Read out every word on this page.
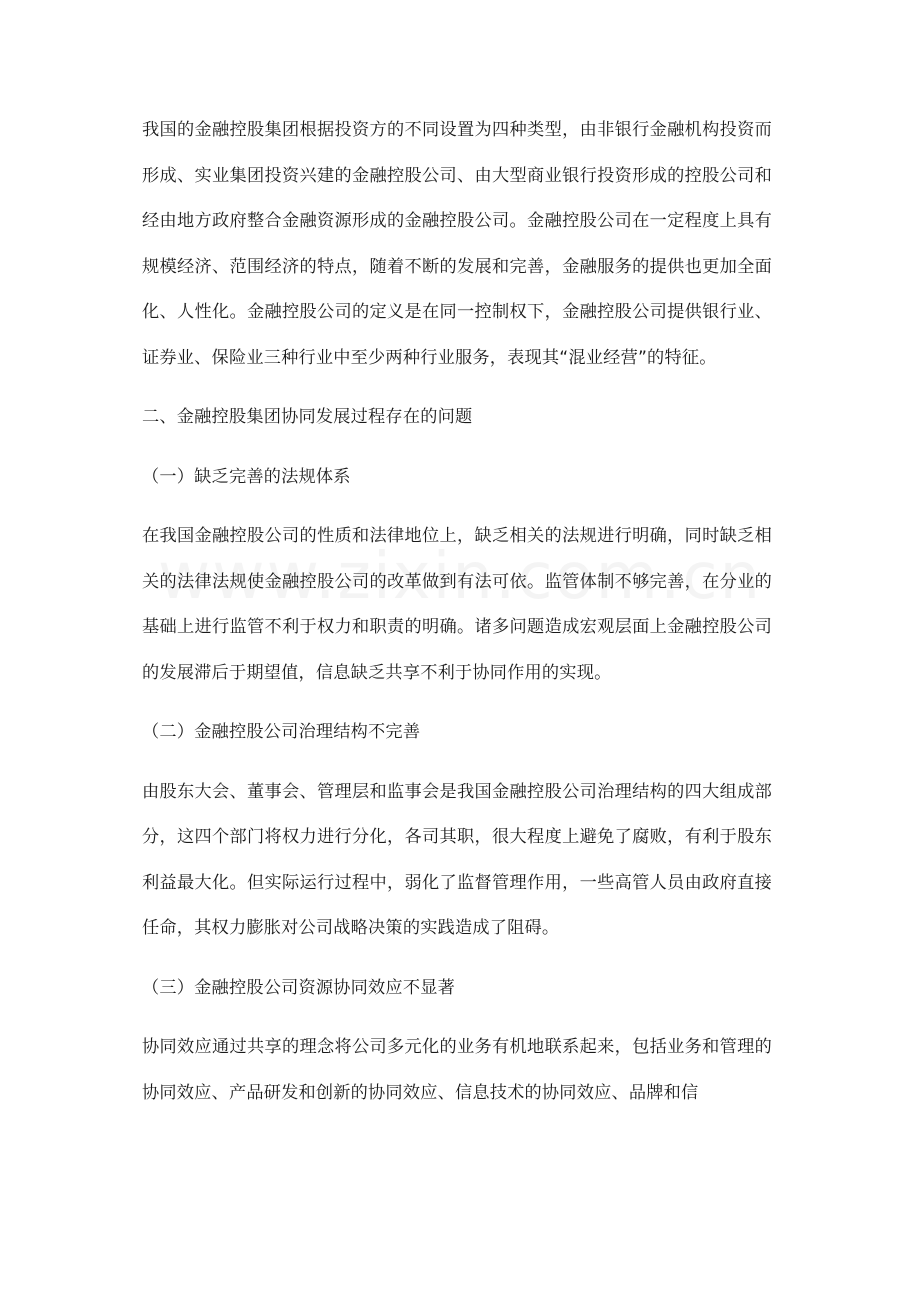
我国的金融控股集团根据投资方的不同设置为四种类型，由非银行金融机构投资而形成、实业集团投资兴建的金融控股公司、由大型商业银行投资形成的控股公司和经由地方政府整合金融资源形成的金融控股公司。金融控股公司在一定程度上具有规模经济、范围经济的特点，随着不断的发展和完善，金融服务的提供也更加全面化、人性化。金融控股公司的定义是在同一控制权下，金融控股公司提供银行业、证券业、保险业三种行业中至少两种行业服务，表现其“混业经营”的特征。

二、金融控股集团协同发展过程存在的问题

（一）缺乏完善的法规体系

在我国金融控股公司的性质和法律地位上，缺乏相关的法规进行明确，同时缺乏相关的法律法规使金融控股公司的改革做到有法可依。监管体制不够完善，在分业的基础上进行监管不利于权力和职责的明确。诸多问题造成宏观层面上金融控股公司的发展滞后于期望值，信息缺乏共享不利于协同作用的实现。

（二）金融控股公司治理结构不完善

由股东大会、董事会、管理层和监事会是我国金融控股公司治理结构的四大组成部分，这四个部门将权力进行分化，各司其职，很大程度上避免了腐败，有利于股东利益最大化。但实际运行过程中，弱化了监督管理作用，一些高管人员由政府直接任命，其权力膨胀对公司战略决策的实践造成了阻碍。

（三）金融控股公司资源协同效应不显著

协同效应通过共享的理念将公司多元化的业务有机地联系起来，包括业务和管理的协同效应、产品研发和创新的协同效应、信息技术的协同效应、品牌和信
